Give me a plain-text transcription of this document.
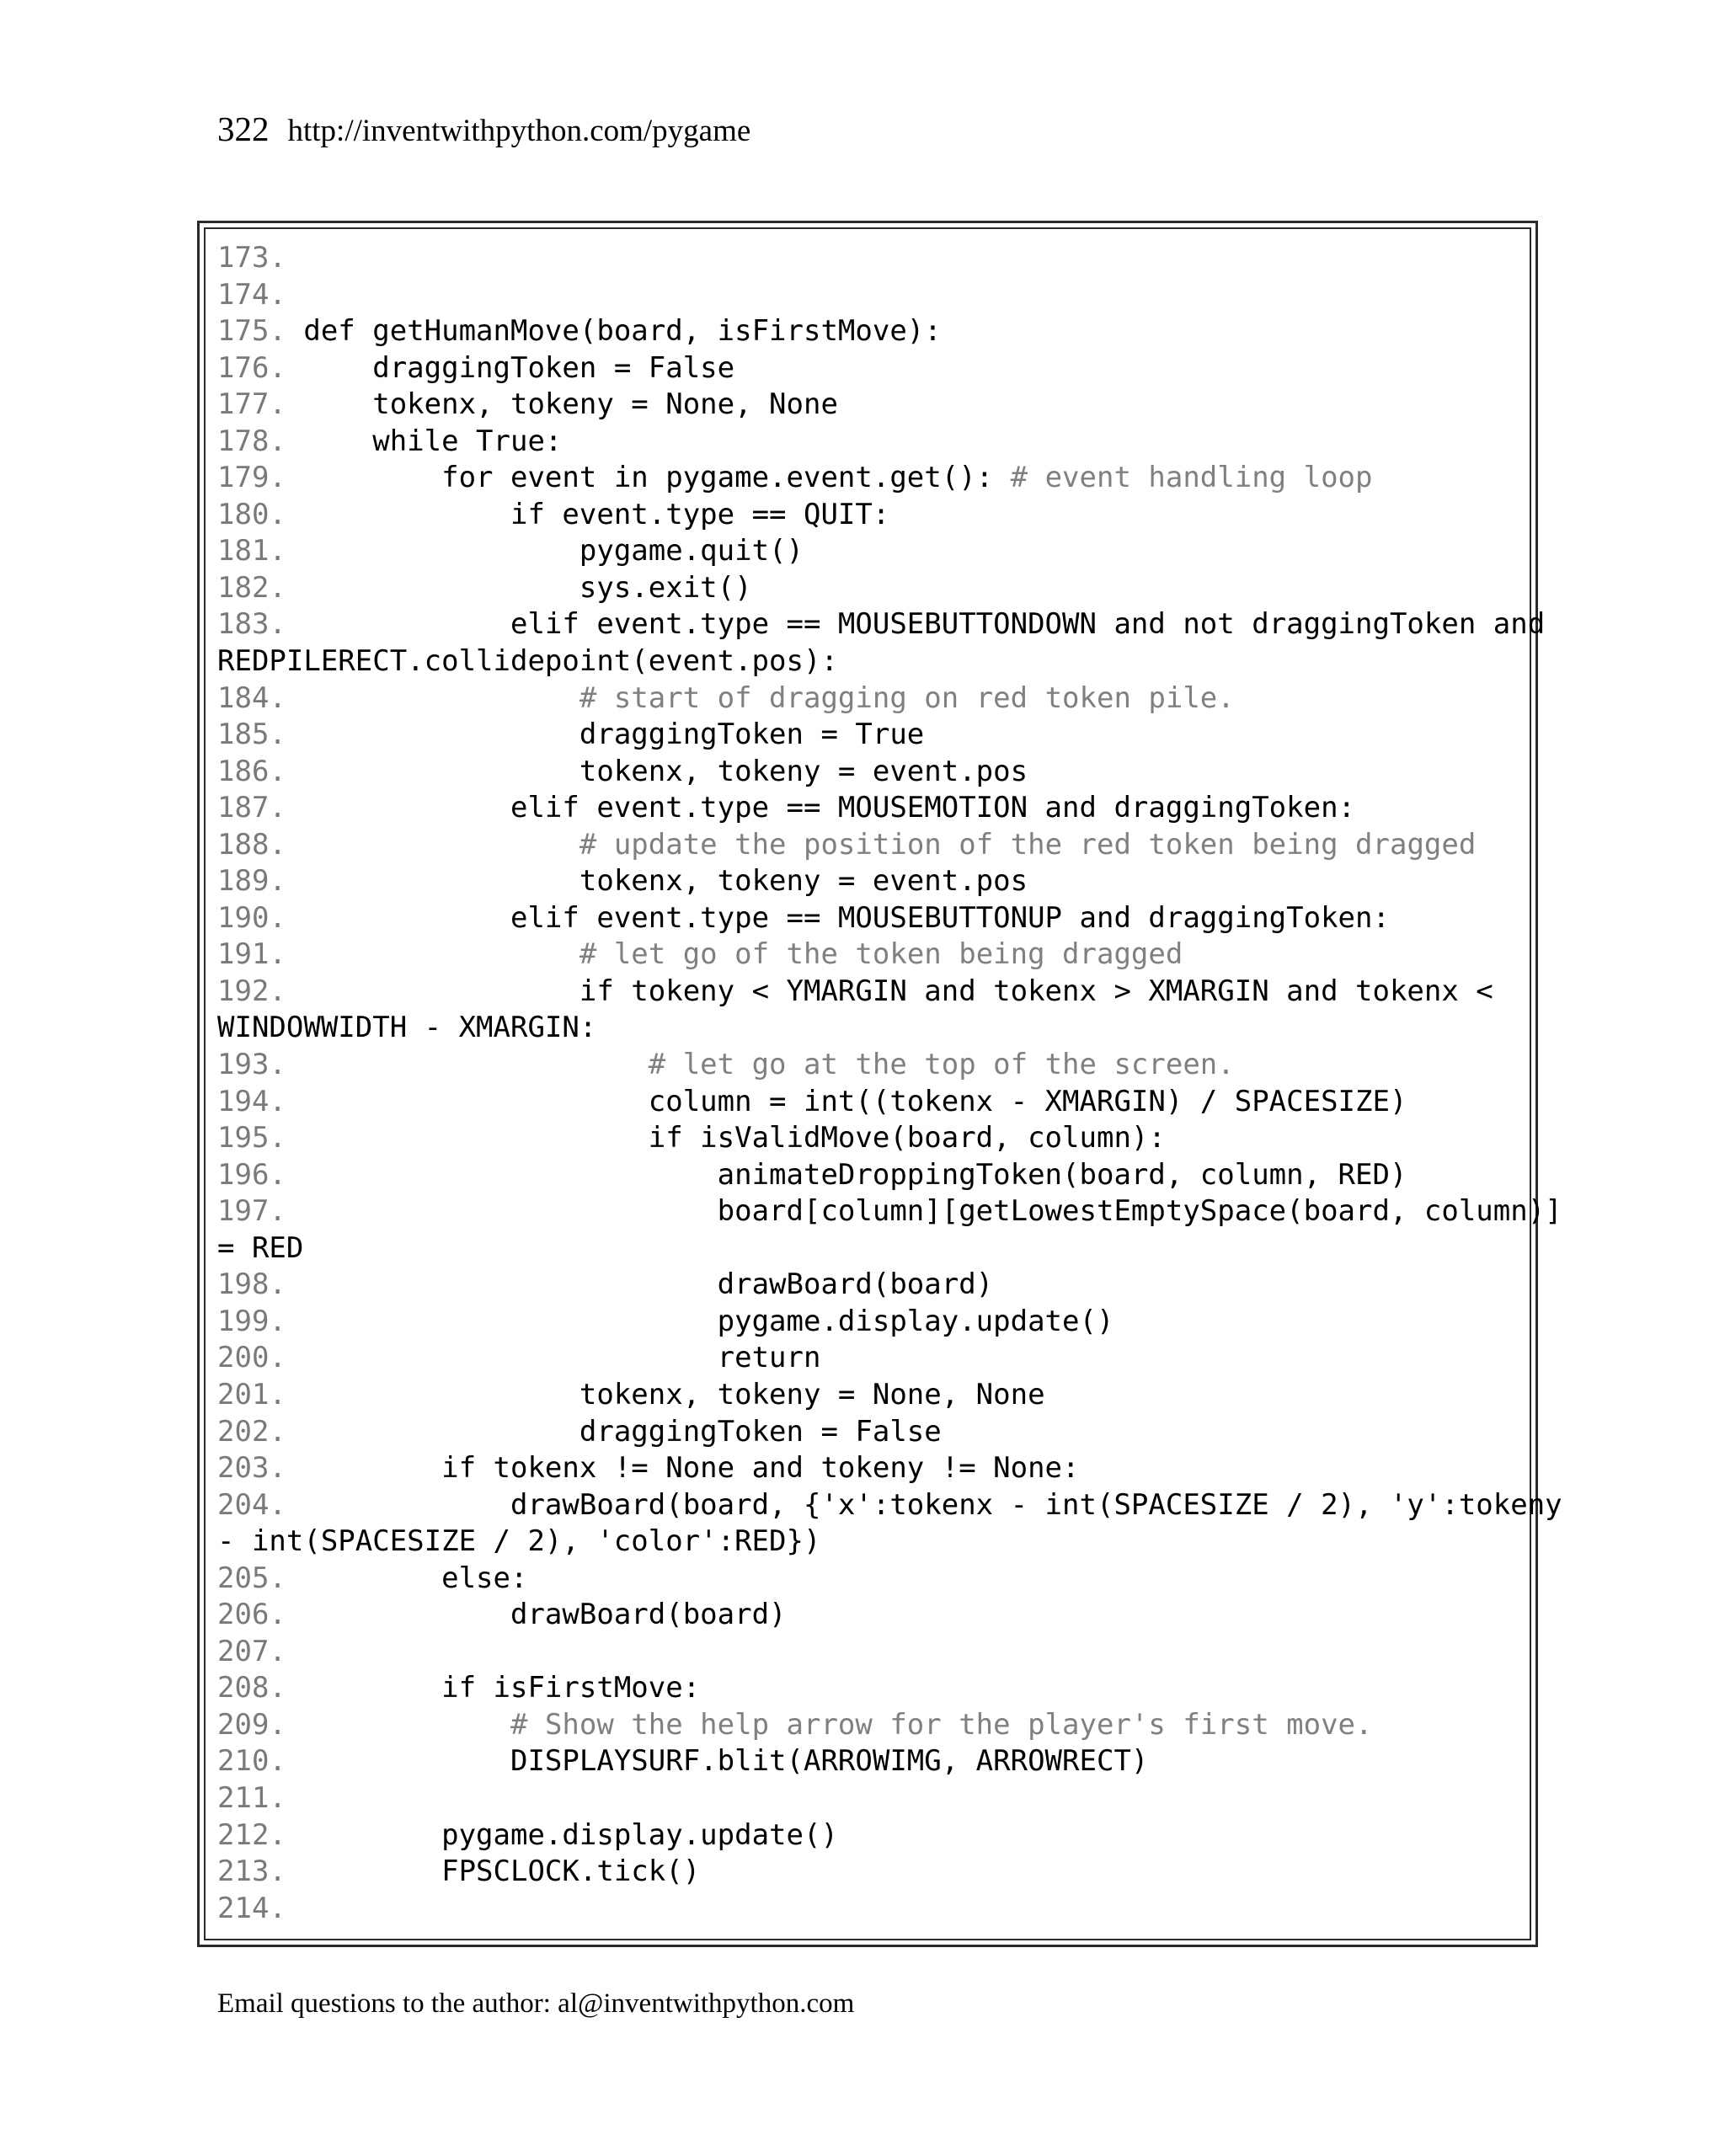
322 http://inventwithpython.com/pygame
173.
174.
175. def getHumanMove(board, isFirstMove):
176.     draggingToken = False
177.     tokenx, tokeny = None, None
178.     while True:
179.         for event in pygame.event.get(): # event handling loop
180.             if event.type == QUIT:
181.                 pygame.quit()
182.                 sys.exit()
183.             elif event.type == MOUSEBUTTONDOWN and not draggingToken and
REDPILERECT.collidepoint(event.pos):
184.	# start of dragging on red token pile.
185.                 draggingToken = True
186.                 tokenx, tokeny = event.pos
187.             elif event.type == MOUSEMOTION and draggingToken:
188.	# update the position of the red token being dragged
189.                 tokenx, tokeny = event.pos
190.             elif event.type == MOUSEBUTTONUP and draggingToken:
191.	# let go of the token being dragged
192.                 if tokeny < YMARGIN and tokenx > XMARGIN and tokenx <
WINDOWWIDTH - XMARGIN:
193.	# let go at the top of the screen.
194.                     column = int((tokenx - XMARGIN) / SPACESIZE)
195.                     if isValidMove(board, column):
196.                         animateDroppingToken(board, column, RED)
197.                         board[column][getLowestEmptySpace(board, column)]
= RED
198.                         drawBoard(board)
199.                         pygame.display.update()
200.                         return
201.                 tokenx, tokeny = None, None
202.                 draggingToken = False
203.         if tokenx != None and tokeny != None:
204.             drawBoard(board, {'x':tokenx - int(SPACESIZE / 2), 'y':tokeny
- int(SPACESIZE / 2), 'color':RED})
205.         else:
206.             drawBoard(board)
207.
208.         if isFirstMove:
209.	# Show the help arrow for the player's first move.
210.             DISPLAYSURF.blit(ARROWIMG, ARROWRECT)
211.
212.         pygame.display.update()
213.         FPSCLOCK.tick()
214.
Email questions to the author: al@inventwithpython.com
